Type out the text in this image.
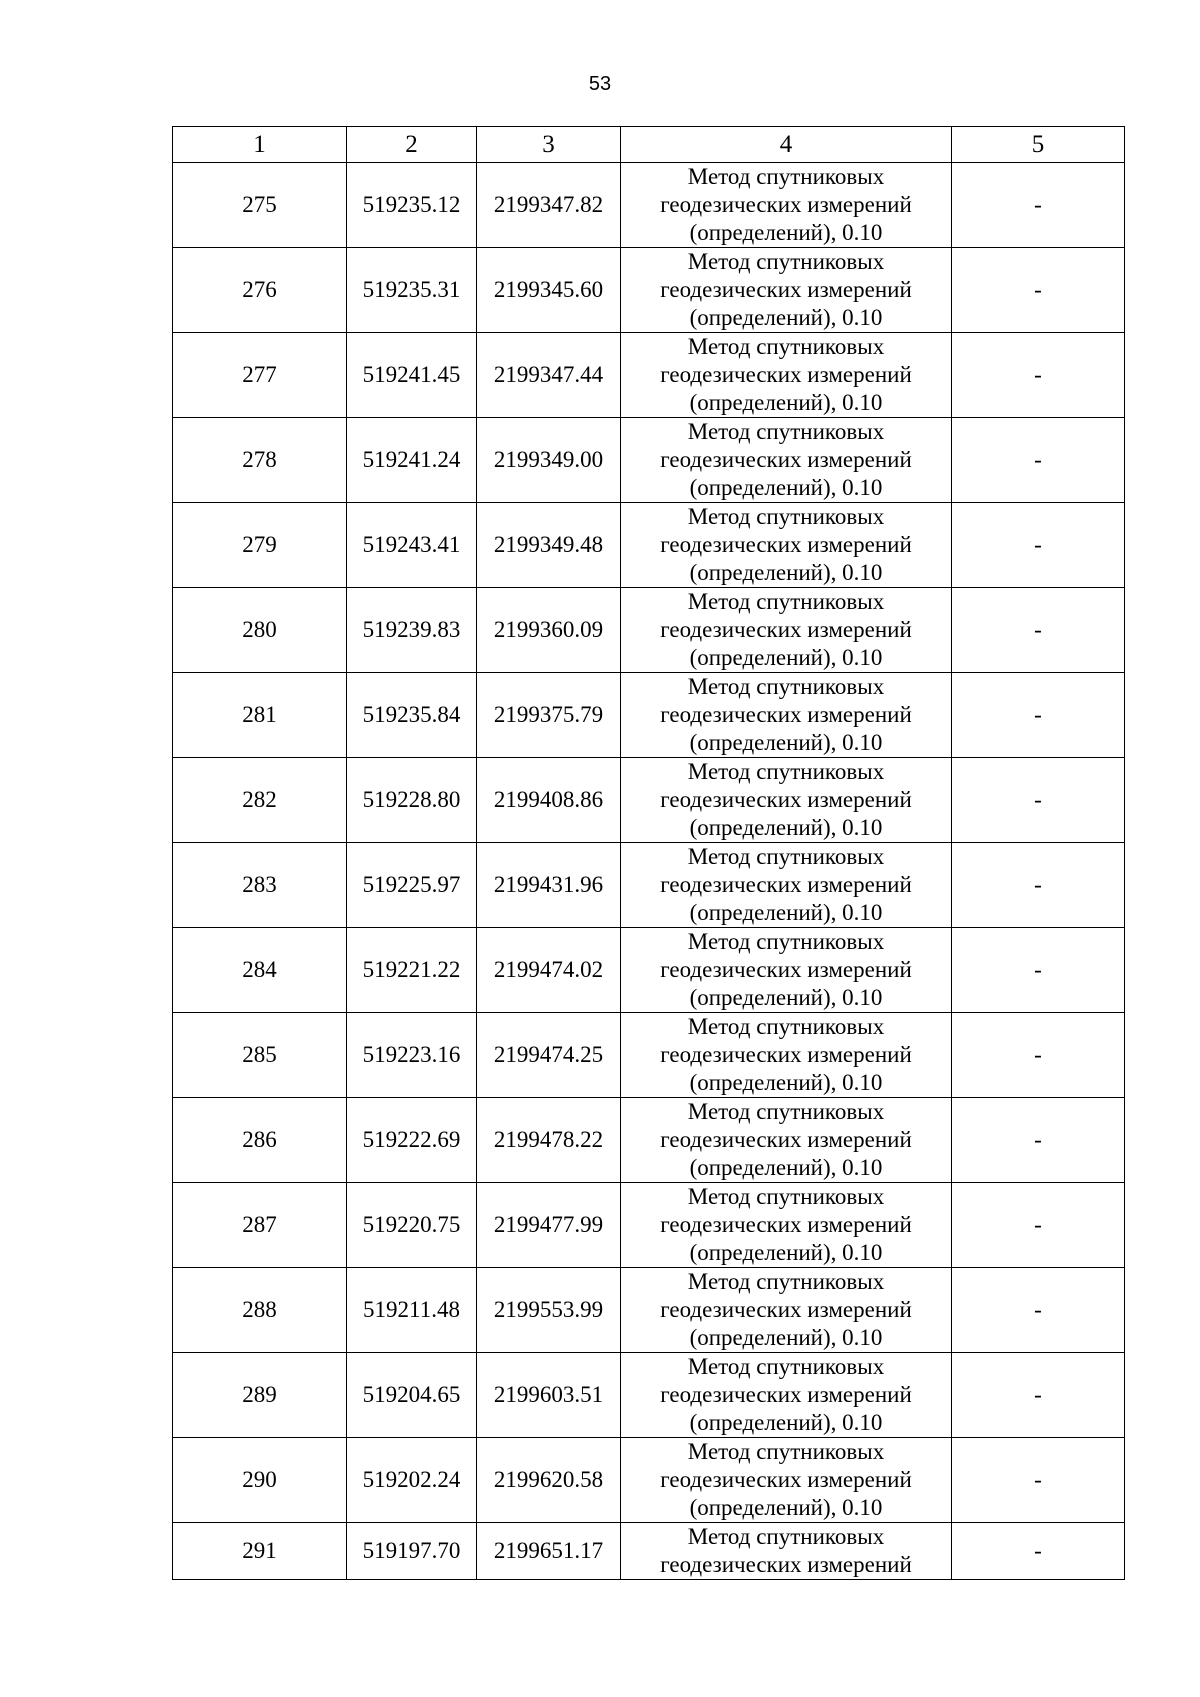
53
1	2	3	4	5
275	519235.12	2199347.82	Метод спутниковых геодезических измерений (определений), 0.10	-
276	519235.31	2199345.60	Метод спутниковых геодезических измерений (определений), 0.10	-
277	519241.45	2199347.44	Метод спутниковых геодезических измерений (определений), 0.10	-
278	519241.24	2199349.00	Метод спутниковых геодезических измерений (определений), 0.10	-
279	519243.41	2199349.48	Метод спутниковых геодезических измерений (определений), 0.10	-
280	519239.83	2199360.09	Метод спутниковых геодезических измерений (определений), 0.10	-
281	519235.84	2199375.79	Метод спутниковых геодезических измерений (определений), 0.10	-
282	519228.80	2199408.86	Метод спутниковых геодезических измерений (определений), 0.10	-
283	519225.97	2199431.96	Метод спутниковых геодезических измерений (определений), 0.10	-
284	519221.22	2199474.02	Метод спутниковых геодезических измерений (определений), 0.10	-
285	519223.16	2199474.25	Метод спутниковых геодезических измерений (определений), 0.10	-
286	519222.69	2199478.22	Метод спутниковых геодезических измерений (определений), 0.10	-
287	519220.75	2199477.99	Метод спутниковых геодезических измерений (определений), 0.10	-
288	519211.48	2199553.99	Метод спутниковых геодезических измерений (определений), 0.10	-
289	519204.65	2199603.51	Метод спутниковых геодезических измерений (определений), 0.10	-
290	519202.24	2199620.58	Метод спутниковых геодезических измерений (определений), 0.10	-
291	519197.70	2199651.17	Метод спутниковых геодезических измерений	-
